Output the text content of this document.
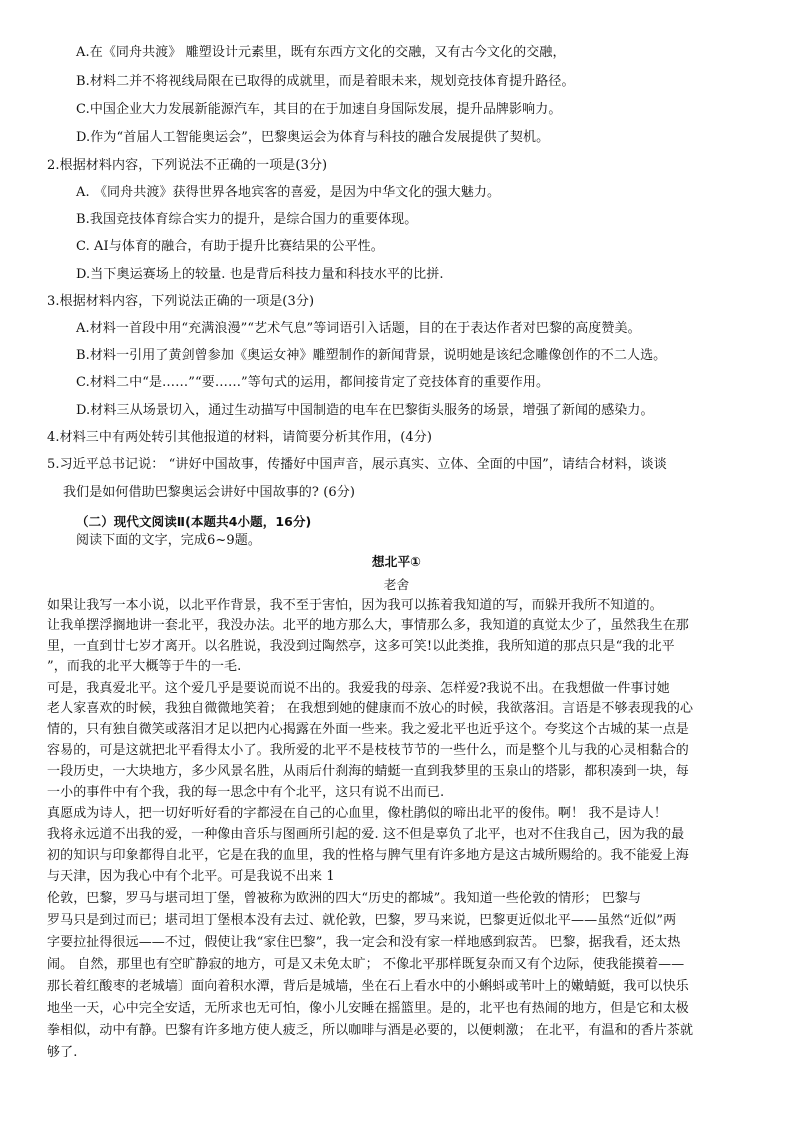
A.在《同舟共渡》 雕塑设计元素里，既有东西方文化的交融，又有古今文化的交融，
B.材料二并不将视线局限在已取得的成就里，而是着眼未来，规划竞技体育提升路径。
C.中国企业大力发展新能源汽车，其目的在于加速自身国际发展，提升品牌影响力。
D.作为“首届人工智能奥运会”，巴黎奥运会为体育与科技的融合发展提供了契机。
2.根据材料内容，下列说法不正确的一项是(3分)
A. 《同舟共渡》获得世界各地宾客的喜爱，是因为中华文化的强大魅力。
B.我国竞技体育综合实力的提升，是综合国力的重要体现。
C. AI与体育的融合，有助于提升比赛结果的公平性。
D.当下奥运赛场上的较量. 也是背后科技力量和科技水平的比拼.
3.根据材料内容，下列说法正确的一项是(3分)
A.材料一首段中用“充满浪漫”“艺术气息”等词语引入话题，目的在于表达作者对巴黎的高度赞美。
B.材料一引用了黄剑曾参加《奥运女神》雕塑制作的新闻背景，说明她是该纪念雕像创作的不二人选。
C.材料二中“是……”“要……”等句式的运用，都间接肯定了竞技体育的重要作用。
D.材料三从场景切入，通过生动描写中国制造的电车在巴黎街头服务的场景，增强了新闻的感染力。
4.材料三中有两处转引其他报道的材料，请简要分析其作用，(4分)
5.习近平总书记说： “讲好中国故事，传播好中国声音，展示真实、立体、全面的中国”，请结合材料，谈谈
我们是如何借助巴黎奥运会讲好中国故事的? (6分)
（二）现代文阅读Ⅱ(本题共4小题，16分)
阅读下面的文字，完成6~9题。
想北平①
老舍
如果让我写一本小说，以北平作背景，我不至于害怕，因为我可以拣着我知道的写，而躲开我所不知道的。
让我单摆浮搁地讲一套北平，我没办法。北平的地方那么大，事情那么多，我知道的真觉太少了，虽然我生在那
里，一直到廿七岁才离开。以名胜说，我没到过陶然亭，这多可笑!以此类推，我所知道的那点只是“我的北平
”，而我的北平大概等于牛的一毛.
可是，我真爱北平。这个爱几乎是要说而说不出的。我爱我的母亲、怎样爱?我说不出。在我想做一件事讨她
老人家喜欢的时候，我独自微微地笑着； 在我想到她的健康而不放心的时候，我欲落泪。言语是不够表现我的心
情的，只有独自微笑或落泪才足以把内心揭露在外面一些来。我之爱北平也近乎这个。夸奖这个古城的某一点是
容易的，可是这就把北平看得太小了。我所爱的北平不是枝枝节节的一些什么，而是整个儿与我的心灵相黏合的
一段历史，一大块地方，多少风景名胜，从雨后什刹海的蜻蜓一直到我梦里的玉泉山的塔影，都积凑到一块，每
一小的事件中有个我，我的每一思念中有个北平，这只有说不出而已.
真愿成为诗人，把一切好听好看的字都浸在自己的心血里，像杜鹃似的啼出北平的俊伟。啊！ 我不是诗人！
我将永远道不出我的爱，一种像由音乐与图画所引起的爱. 这不但是辜负了北平，也对不住我自己，因为我的最
初的知识与印象都得自北平，它是在我的血里，我的性格与脾气里有许多地方是这古城所赐给的。我不能爱上海
与天津，因为我心中有个北平。可是我说不出来 1
伦敦，巴黎，罗马与堪司坦丁堡，曾被称为欧洲的四大“历史的都城”。我知道一些伦敦的情形； 巴黎与
罗马只是到过而已；堪司坦丁堡根本没有去过、就伦敦，巴黎，罗马来说，巴黎更近似北平——虽然“近似”两
字要拉扯得很远——不过，假使让我“家住巴黎”，我一定会和没有家一样地感到寂苦。 巴黎，据我看，还太热
闹。 自然，那里也有空旷静寂的地方，可是又未免太旷； 不像北平那样既复杂而又有个边际，使我能摸着——
那长着红酸枣的老城墙〕面向着积水潭，背后是城墙，坐在石上看水中的小蝌蚪或苇叶上的嫩蜻蜓，我可以快乐
地坐一天，心中完全安适，无所求也无可怕，像小儿安睡在摇篮里。是的，北平也有热闹的地方，但是它和太极
拳相似，动中有静。巴黎有许多地方使人疲乏，所以咖啡与酒是必要的，以便刺激； 在北平，有温和的香片茶就
够了.
